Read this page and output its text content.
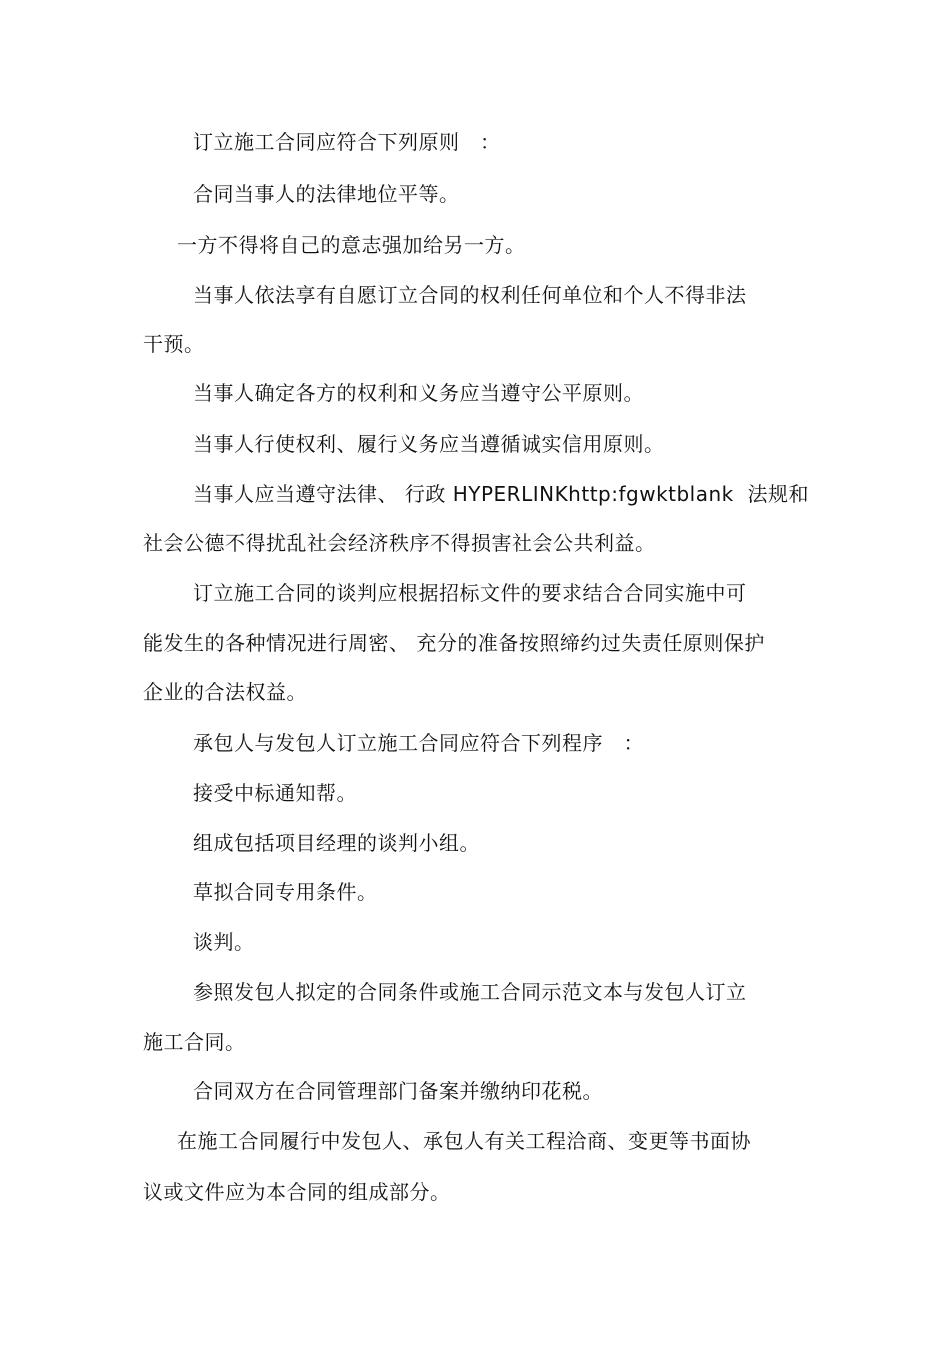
订立施工合同应符合下列原则　：
合同当事人的法律地位平等。
一方不得将自己的意志强加给另一方。
当事人依法享有自愿订立合同的权利任何单位和个人不得非法
干预。
当事人确定各方的权利和义务应当遵守公平原则。
当事人行使权利、履行义务应当遵循诚实信用原则。
当事人应当遵守法律、 行政 HYPERLINKhttp:fgwktblank  法规和
社会公德不得扰乱社会经济秩序不得损害社会公共利益。
订立施工合同的谈判应根据招标文件的要求结合合同实施中可
能发生的各种情况进行周密、 充分的准备按照缔约过失责任原则保护
企业的合法权益。
承包人与发包人订立施工合同应符合下列程序　：
接受中标通知帮。
组成包括项目经理的谈判小组。
草拟合同专用条件。
谈判。
参照发包人拟定的合同条件或施工合同示范文本与发包人订立
施工合同。
合同双方在合同管理部门备案并缴纳印花税。
在施工合同履行中发包人、承包人有关工程洽商、变更等书面协
议或文件应为本合同的组成部分。
